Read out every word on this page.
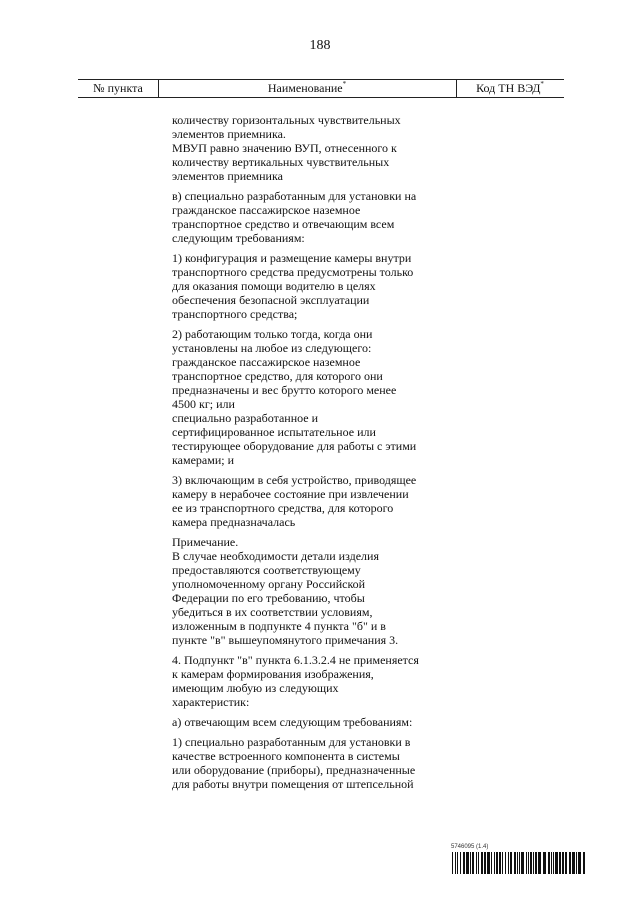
188
№ пункта	Наименование*	Код ТН ВЭД*

количеству горизонтальных чувствительных
элементов приемника.
МВУП равно значению ВУП, отнесенного к
количеству вертикальных чувствительных
элементов приемника

в) специально разработанным для установки на
гражданское пассажирское наземное
транспортное средство и отвечающим всем
следующим требованиям:

1) конфигурация и размещение камеры внутри
транспортного средства предусмотрены только
для оказания помощи водителю в целях
обеспечения безопасной эксплуатации
транспортного средства;

2) работающим только тогда, когда они
установлены на любое из следующего:
гражданское пассажирское наземное
транспортное средство, для которого они
предназначены и вес брутто которого менее
4500 кг; или
специально разработанное и
сертифицированное испытательное или
тестирующее оборудование для работы с этими
камерами; и

3) включающим в себя устройство, приводящее
камеру в нерабочее состояние при извлечении
ее из транспортного средства, для которого
камера предназначалась

Примечание.
В случае необходимости детали изделия
предоставляются соответствующему
уполномоченному органу Российской
Федерации по его требованию, чтобы
убедиться в их соответствии условиям,
изложенным в подпункте 4 пункта "б" и в
пункте "в" вышеупомянутого примечания 3.

4. Подпункт "в" пункта 6.1.3.2.4 не применяется
к камерам формирования изображения,
имеющим любую из следующих
характеристик:

а) отвечающим всем следующим требованиям:

1) специально разработанным для установки в
качестве встроенного компонента в системы
или оборудование (приборы), предназначенные
для работы внутри помещения от штепсельной

5746095 (1.4)
